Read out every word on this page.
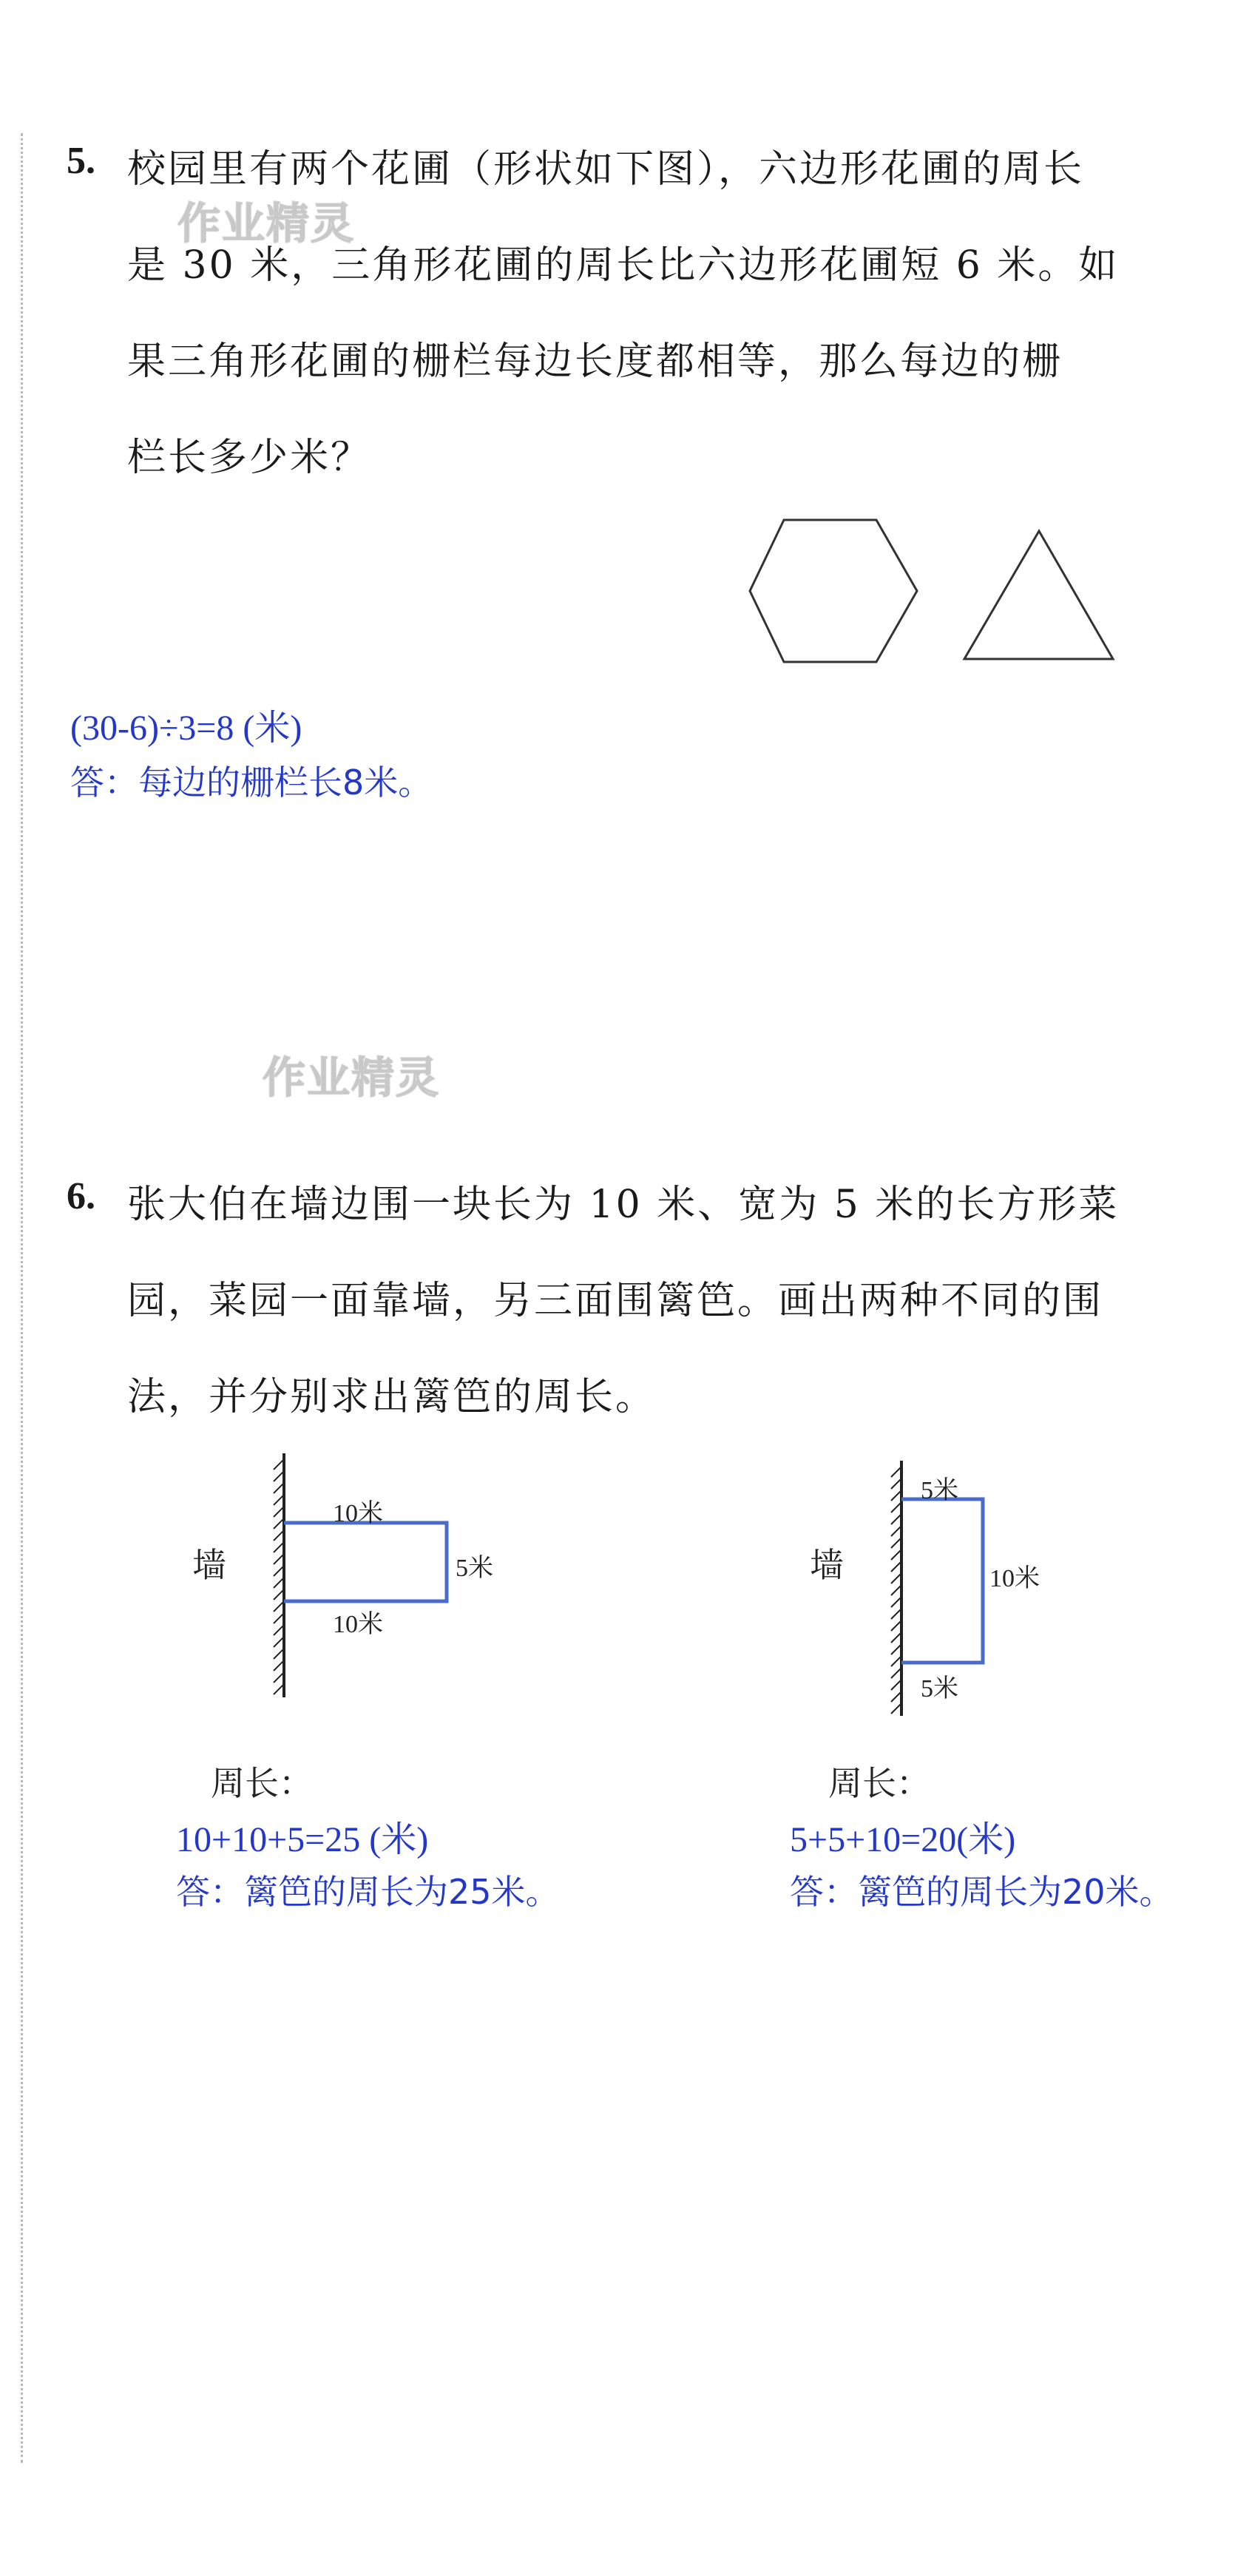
作业精灵
作业精灵
5. 校园里有两个花圃（形状如下图），六边形花圃的周长
是 30 米，三角形花圃的周长比六边形花圃短 6 米。如
果三角形花圃的栅栏每边长度都相等，那么每边的栅
栏长多少米？
(30-6)÷3=8 (米)
答：每边的栅栏长8米。
6. 张大伯在墙边围一块长为 10 米、宽为 5 米的长方形菜
园，菜园一面靠墙，另三面围篱笆。画出两种不同的围
法，并分别求出篱笆的周长。
墙
10米
5米
10米
周长：
10+10+5=25 (米)
答：篱笆的周长为25米。
墙
5米
10米
5米
周长：
5+5+10=20(米)
答：篱笆的周长为20米。
